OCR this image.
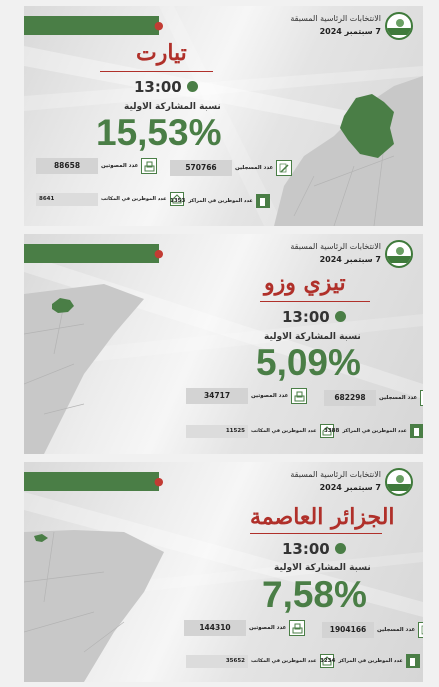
●
الانتخابات الرئاسية المسبقة
7 سبتمبر 2024
تيارت
13:00
نسبة المشاركة الاولية
15,53%
88658	عدد المصوتين	570766	عدد المسجلين
8641	عدد الموظرين في المكاتب 1353 عدد الموظرين في المراكز
●
الانتخابات الرئاسية المسبقة
7 سبتمبر 2024
تيزي وزو
13:00
نسبة المشاركة الاولية
5,09%
34717	عدد المصوتين	682298	عدد المسجلين
11525	عدد الموظرين في المكاتب	3388 عدد الموظرين في المراكز
●
الانتخابات الرئاسية المسبقة
7 سبتمبر 2024
الجزائر العاصمة
13:00
نسبة المشاركة الاولية
7,58%
144310	عدد المصوتين	1904166	عدد المسجلين
35652	عدد الموظرين في المكاتب 3234 عدد الموظرين في المراكز
